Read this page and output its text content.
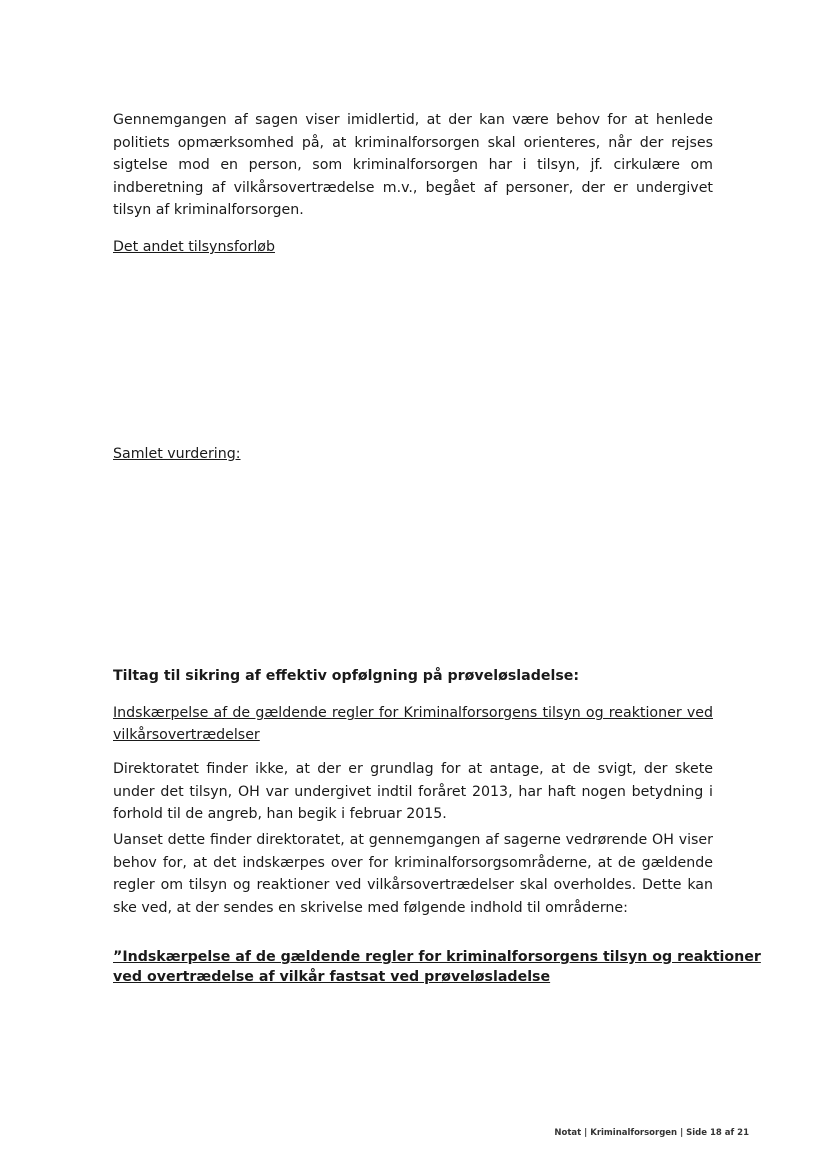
Gennemgangen af sagen viser imidlertid, at der kan være behov for at henlede
politiets opmærksomhed på, at kriminalforsorgen skal orienteres, når der rejses
sigtelse mod en person, som kriminalforsorgen har i tilsyn, jf. cirkulære om
indberetning af vilkårsovertrædelse m.v., begået af personer, der er undergivet
tilsyn af kriminalforsorgen.

Det andet tilsynsforløb

Samlet vurdering:

Tiltag til sikring af effektiv opfølgning på prøveløsladelse:

Indskærpelse af de gældende regler for Kriminalforsorgens tilsyn og reaktioner ved
vilkårsovertrædelser

Direktoratet finder ikke, at der er grundlag for at antage, at de svigt, der skete
under det tilsyn, OH var undergivet indtil foråret 2013, har haft nogen betydning i
forhold til de angreb, han begik i februar 2015.

Uanset dette finder direktoratet, at gennemgangen af sagerne vedrørende OH viser
behov for, at det indskærpes over for kriminalforsorgsområderne, at de gældende
regler om tilsyn og reaktioner ved vilkårsovertrædelser skal overholdes. Dette kan
ske ved, at der sendes en skrivelse med følgende indhold til områderne:

”Indskærpelse af de gældende regler for kriminalforsorgens tilsyn og reaktioner
ved overtrædelse af vilkår fastsat ved prøveløsladelse

Notat | Kriminalforsorgen | Side 18 af 21
